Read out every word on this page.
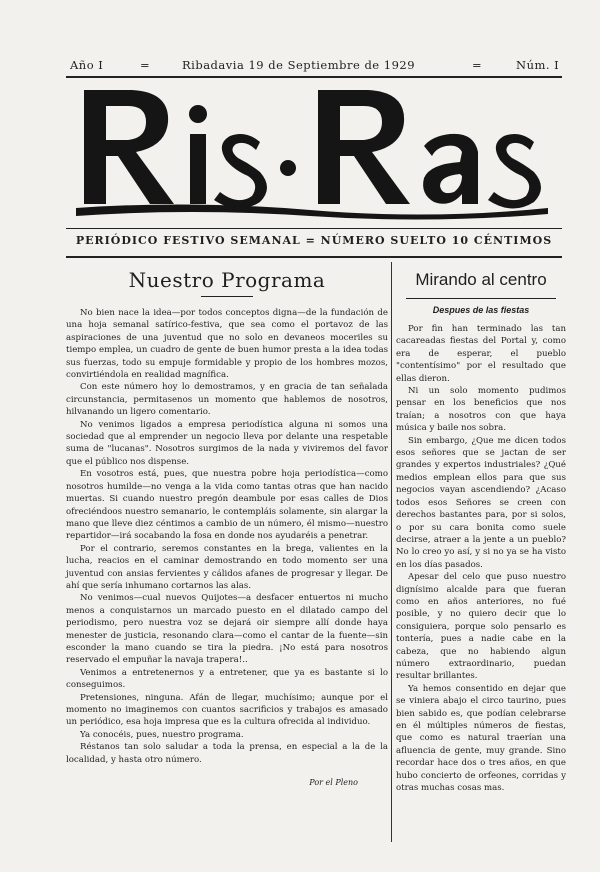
Año I	=	Ribadavia 19 de Septiembre de 1929	=	Núm. I
PERIÓDICO FESTIVO SEMANAL = NÚMERO SUELTO 10 CÉNTIMOS
Nuestro Programa

No bien nace la idea—por todos conceptos digna—de la fundación de una hoja semanal satírico-festiva, que sea como el portavoz de las aspiraciones de una juventud que no solo en devaneos moceriles su tiempo emplea, un cuadro de gente de buen humor presta a la idea todas sus fuerzas, todo su empuje formidable y propio de los hombres mozos, convirtiéndola en realidad magnífica.

Con este número hoy lo demostramos, y en gracia de tan señalada circunstancia, permitasenos un momento que hablemos de nosotros, hilvanando un ligero comentario.

No venimos ligados a empresa periodística alguna ni somos una sociedad que al emprender un negocio lleva por delante una respetable suma de "lucanas". Nosotros surgimos de la nada y viviremos del favor que el público nos dispense.

En vosotros está, pues, que nuestra pobre hoja periodística—como nosotros humilde—no venga a la vida como tantas otras que han nacido muertas. Si cuando nuestro pregón deambule por esas calles de Dios ofreciéndoos nuestro semanario, le contempláis solamente, sin alargar la mano que lleve diez céntimos a cambio de un número, él mismo—nuestro repartidor—irá socabando la fosa en donde nos ayudaréis a penetrar.

Por el contrario, seremos constantes en la brega, valientes en la lucha, reacios en el caminar demostrando en todo momento ser una juventud con ansias fervientes y cálidos afanes de progresar y llegar. De ahí que sería inhumano cortarnos las alas.

No venimos—cual nuevos Quijotes—a desfacer entuertos ni mucho menos a conquistarnos un marcado puesto en el dilatado campo del periodismo, pero nuestra voz se dejará oir siempre allí donde haya menester de justicia, resonando clara—como el cantar de la fuente—sin esconder la mano cuando se tira la piedra. ¡No está para nosotros reservado el empuñar la navaja trapera!..

Venimos a entretenernos y a entretener, que ya es bastante si lo conseguimos.

Pretensiones, ninguna. Afán de llegar, muchísimo; aunque por el momento no imaginemos con cuantos sacrificios y trabajos es amasado un periódico, esa hoja impresa que es la cultura ofrecida al individuo.

Ya conocéis, pues, nuestro programa.

Réstanos tan solo saludar a toda la prensa, en especial a la de la localidad, y hasta otro número.

Por el Pleno
Mirando al centro
Despues de las fiestas

Por fin han terminado las tan cacareadas fiestas del Portal y, como era de esperar, el pueblo "contentísimo" por el resultado que ellas dieron.

Ni un solo momento pudimos pensar en los beneficios que nos traían; a nosotros con que haya música y baile nos sobra.

Sin embargo, ¿Que me dicen todos esos señores que se jactan de ser grandes y expertos industriales? ¿Qué medios emplean ellos para que sus negocios vayan ascendiendo? ¿Acaso todos esos Señores se creen con derechos bastantes para, por si solos, o por su cara bonita como suele decirse, atraer a la jente a un pueblo? No lo creo yo así, y si no ya se ha visto en los días pasados.

Apesar del celo que puso nuestro dignísimo alcalde para que fueran como en años anteriores, no fué posible, y no quiero decir que lo consiguiera, porque solo pensarlo es tontería, pues a nadie cabe en la cabeza, que no habiendo algun número extraordinario, puedan resultar brillantes.

Ya hemos consentido en dejar que se viniera abajo el circo taurino, pues bien sabido es, que podían celebrarse en él múltiples números de fiestas, que como es natural traerían una afluencia de gente, muy grande. Sino recordar hace dos o tres años, en que hubo concierto de orfeones, corridas y otras muchas cosas mas.
